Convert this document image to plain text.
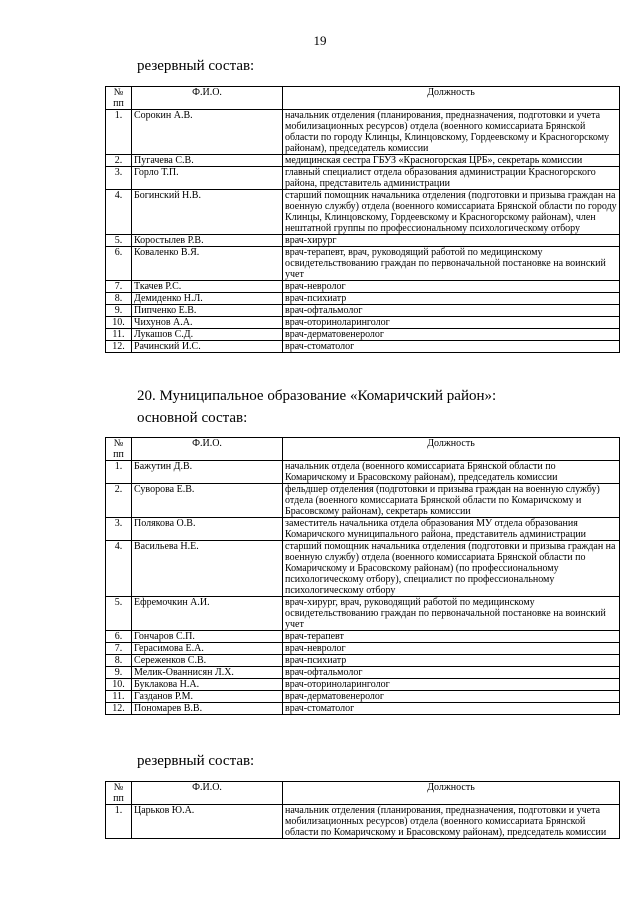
19
резервный состав:
№ пп	Ф.И.О.	Должность
1.	Сорокин А.В.	начальник отделения (планирования, предназначения, подготовки и учета мобилизационных ресурсов) отдела (военного комиссариата Брянской области по городу Клинцы, Клинцовскому, Гордеевскому и Красногорскому районам), председатель комиссии
2.	Пугачева С.В.	медицинская сестра ГБУЗ «Красногорская ЦРБ», секретарь комиссии
3.	Горло Т.П.	главный специалист отдела образования администрации Красногорского района, представитель администрации
4.	Богинский Н.В.	старший помощник начальника отделения (подготовки и призыва граждан на военную службу) отдела (военного комиссариата Брянской области по городу Клинцы, Клинцовскому, Гордеевскому и Красногорскому районам), член нештатной группы по профессиональному психологическому отбору
5.	Коростылев Р.В.	врач-хирург
6.	Коваленко В.Я.	врач-терапевт, врач, руководящий работой по медицинскому освидетельствованию граждан по первоначальной постановке на воинский учет
7.	Ткачев Р.С.	врач-невролог
8.	Демиденко Н.Л.	врач-психиатр
9.	Пипченко Е.В.	врач-офтальмолог
10.	Чихунов А.А.	врач-оториноларинголог
11.	Лукашов С.Д.	врач-дерматовенеролог
12.	Рачинский И.С.	врач-стоматолог
20. Муниципальное образование «Комаричский район»:
основной состав:
№ пп	Ф.И.О.	Должность
1.	Бажутин Д.В.	начальник отдела (военного комиссариата Брянской области по Комаричскому и Брасовскому районам), председатель комиссии
2.	Суворова Е.В.	фельдшер отделения (подготовки и призыва граждан на военную службу) отдела (военного комиссариата Брянской области по Комаричскому и Брасовскому районам), секретарь комиссии
3.	Полякова О.В.	заместитель начальника отдела образования МУ отдела образования Комаричского муниципального района, представитель администрации
4.	Васильева Н.Е.	старший помощник начальника отделения (подготовки и призыва граждан на военную службу) отдела (военного комиссариата Брянской области по Комаричскому и Брасовскому районам) (по профессиональному психологическому отбору), специалист по профессиональному психологическому отбору
5.	Ефремочкин А.И.	врач-хирург, врач, руководящий работой по медицинскому освидетельствованию граждан по первоначальной постановке на воинский учет
6.	Гончаров С.П.	врач-терапевт
7.	Герасимова Е.А.	врач-невролог
8.	Сереженков С.В.	врач-психиатр
9.	Мелик-Ованнисян Л.Х.	врач-офтальмолог
10.	Буклакова Н.А.	врач-оториноларинголог
11.	Газданов Р.М.	врач-дерматовенеролог
12.	Пономарев В.В.	врач-стоматолог
резервный состав:
№ пп	Ф.И.О.	Должность
1.	Царьков Ю.А.	начальник отделения (планирования, предназначения, подготовки и учета мобилизационных ресурсов) отдела (военного комиссариата Брянской области по Комаричскому и Брасовскому районам), председатель комиссии
